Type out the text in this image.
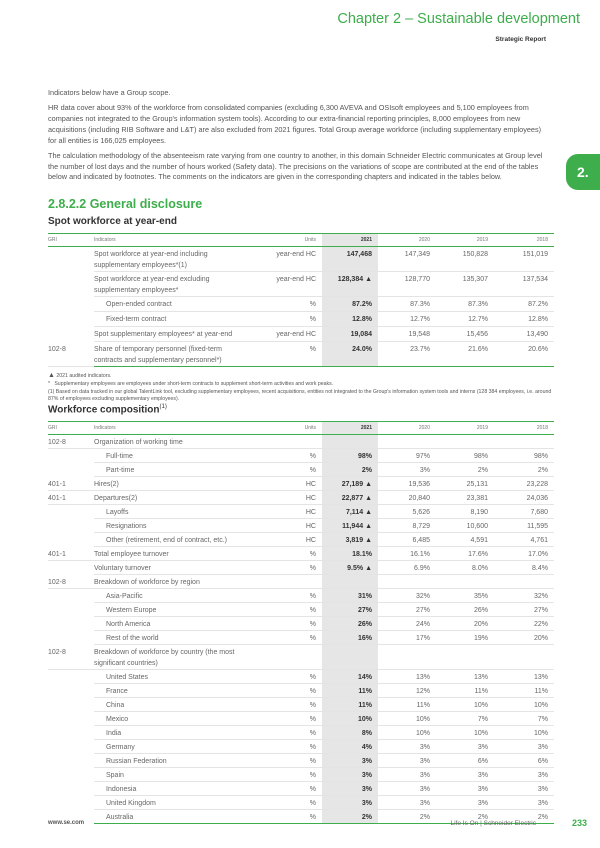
Chapter 2 – Sustainable development
Strategic Report
2.

Indicators below have a Group scope.

HR data cover about 93% of the workforce from consolidated companies (excluding 6,300 AVEVA and OSIsoft employees and 5,100 employees from companies not integrated to the Group's information system tools). According to our extra-financial reporting principles, 8,000 employees from new acquisitions (including RIB Software and L&T) are also excluded from 2021 figures. Total Group average workforce (including supplementary employees) for all entities is 166,025 employees.

The calculation methodology of the absenteeism rate varying from one country to another, in this domain Schneider Electric communicates at Group level the number of lost days and the number of hours worked (Safety data). The precisions on the variations of scope are contributed at the end of the tables below and indicated by footnotes. The comments on the indicators are given in the corresponding chapters and indicated in the tables below.

2.8.2.2 General disclosure
Spot workforce at year-end
GRI	Indicators	Units	2021	2020	2019	2018
	Spot workforce at year-end including supplementary employees*(1)	year-end HC	147,468	147,349	150,828	151,019
	Spot workforce at year-end excluding supplementary employees*	year-end HC	128,384 ▲	128,770	135,307	137,534
	Open-ended contract	%	87.2%	87.3%	87.3%	87.2%
	Fixed-term contract	%	12.8%	12.7%	12.7%	12.8%
	Spot supplementary employees* at year-end	year-end HC	19,084	19,548	15,456	13,490
102-8	Share of temporary personnel (fixed-term contracts and supplementary personnel*)	%	24.0%	23.7%	21.6%	20.6%
▲ 2021 audited indicators.
*   Supplementary employees are employees under short-term contracts to supplement short-term activities and work peaks.
(1) Based on data tracked in our global TalentLink tool, excluding supplementary employees, recent acquisitions, entities not integrated to the Group's information system tools and interns (128 384 employees, i.e. around 87% of employees excluding supplementary employees).
Workforce composition$^{(1)}$
GRI	Indicators	Units	2021	2020	2019	2018
102-8	Organization of working time					
	Full-time	%	98%	97%	98%	98%
	Part-time	%	2%	3%	2%	2%
401-1	Hires(2)	HC	27,189 ▲	19,536	25,131	23,228
401-1	Departures(2)	HC	22,877 ▲	20,840	23,381	24,036
	Layoffs	HC	7,114 ▲	5,626	8,190	7,680
	Resignations	HC	11,944 ▲	8,729	10,600	11,595
	Other (retirement, end of contract, etc.)	HC	3,819 ▲	6,485	4,591	4,761
401-1	Total employee turnover	%	18.1%	16.1%	17.6%	17.0%
	Voluntary turnover	%	9.5% ▲	6.9%	8.0%	8.4%
102-8	Breakdown of workforce by region					
	Asia-Pacific	%	31%	32%	35%	32%
	Western Europe	%	27%	27%	26%	27%
	North America	%	26%	24%	20%	22%
	Rest of the world	%	16%	17%	19%	20%
102-8	Breakdown of workforce by country (the most significant countries)					
	United States	%	14%	13%	13%	13%
	France	%	11%	12%	11%	11%
	China	%	11%	11%	10%	10%
	Mexico	%	10%	10%	7%	7%
	India	%	8%	10%	10%	10%
	Germany	%	4%	3%	3%	3%
	Russian Federation	%	3%	3%	6%	6%
	Spain	%	3%	3%	3%	3%
	Indonesia	%	3%	3%	3%	3%
	United Kingdom	%	3%	3%	3%	3%
	Australia	%	2%	2%	2%	2%
www.se.com	Life Is On | Schneider Electric	233
